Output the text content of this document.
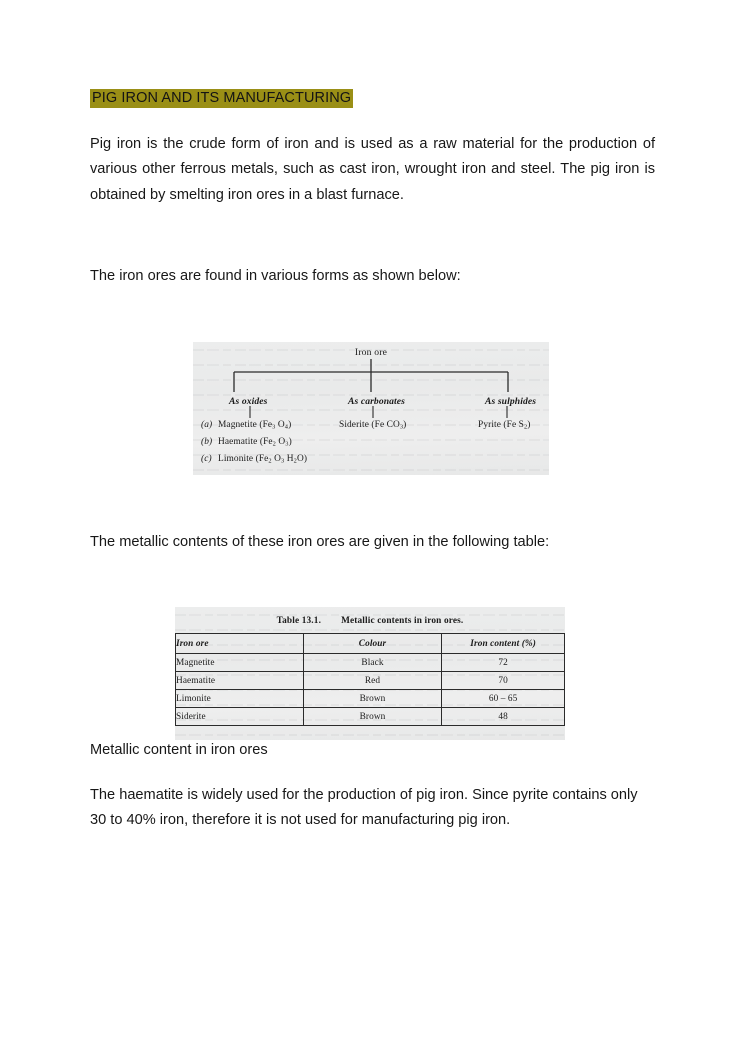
PIG IRON AND ITS MANUFACTURING

Pig iron is the crude form of iron and is used as a raw material for the production of various other ferrous metals, such as cast iron, wrought iron and steel. The pig iron is obtained by smelting iron ores in a blast furnace.

The iron ores are found in various forms as shown below:

Iron ore
As oxides	As carbonates	As sulphides
(a) Magnetite ($Fe_3$ $O_4$)
(b) Haematite ($Fe_2$ $O_3$)
(c) Limonite ($Fe_2$ $O_3$ $H_2O$)
Siderite (Fe $CO_3$)	Pyrite (Fe $S_2$)

The metallic contents of these iron ores are given in the following table:

Table 13.1. Metallic contents in iron ores.
Iron ore	Colour	Iron content (%)
Magnetite	Black	72
Haematite	Red	70
Limonite	Brown	60 – 65
Siderite	Brown	48

Metallic content in iron ores

The haematite is widely used for the production of pig iron. Since pyrite contains only 30 to 40% iron, therefore it is not used for manufacturing pig iron.
